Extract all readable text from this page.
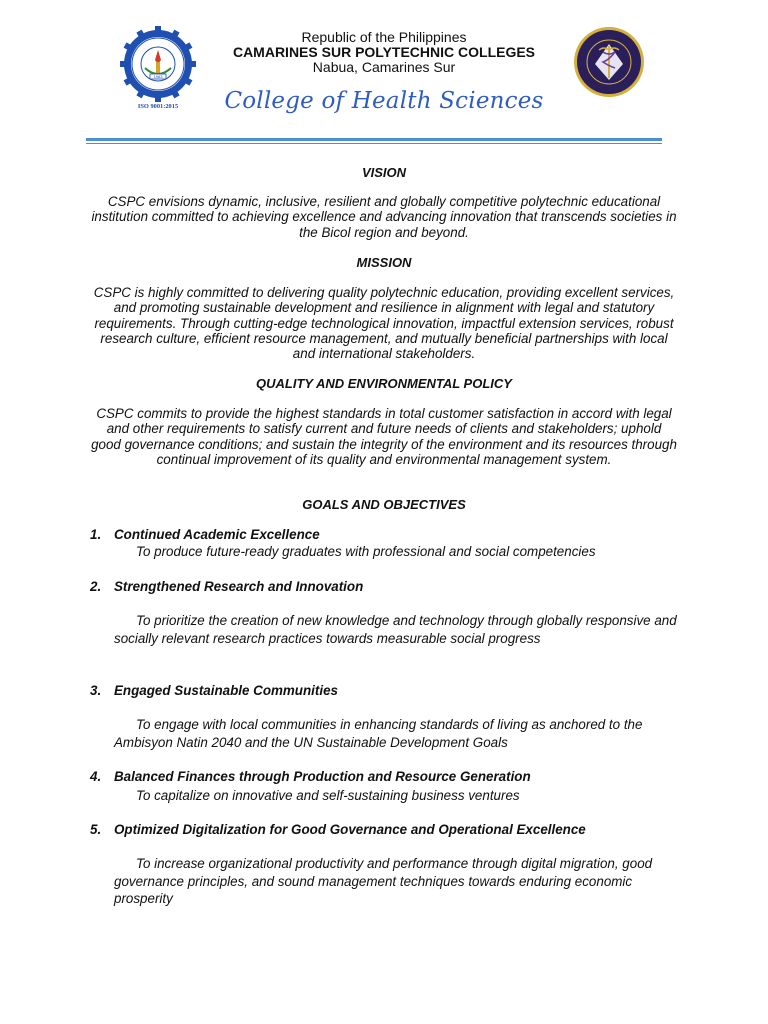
1983
ISO 9001:2015
Republic of the Philippines
CAMARINES SUR POLYTECHNIC COLLEGES
Nabua, Camarines Sur
College of Health Sciences
VISION
CSPC envisions dynamic, inclusive, resilient and globally competitive polytechnic educational institution committed to achieving excellence and advancing innovation that transcends societies in the Bicol region and beyond.
MISSION
CSPC is highly committed to delivering quality polytechnic education, providing excellent services, and promoting sustainable development and resilience in alignment with legal and statutory requirements. Through cutting-edge technological innovation, impactful extension services, robust research culture, efficient resource management, and mutually beneficial partnerships with local and international stakeholders.
QUALITY AND ENVIRONMENTAL POLICY
CSPC commits to provide the highest standards in total customer satisfaction in accord with legal and other requirements to satisfy current and future needs of clients and stakeholders; uphold good governance conditions; and sustain the integrity of the environment and its resources through continual improvement of its quality and environmental management system.
GOALS AND OBJECTIVES
1. Continued Academic Excellence
To produce future-ready graduates with professional and social competencies
2. Strengthened Research and Innovation
To prioritize the creation of new knowledge and technology through globally responsive and socially relevant research practices towards measurable social progress
3. Engaged Sustainable Communities
To engage with local communities in enhancing standards of living as anchored to the Ambisyon Natin 2040 and the UN Sustainable Development Goals
4. Balanced Finances through Production and Resource Generation
To capitalize on innovative and self-sustaining business ventures
5. Optimized Digitalization for Good Governance and Operational Excellence
To increase organizational productivity and performance through digital migration, good governance principles, and sound management techniques towards enduring economic prosperity
